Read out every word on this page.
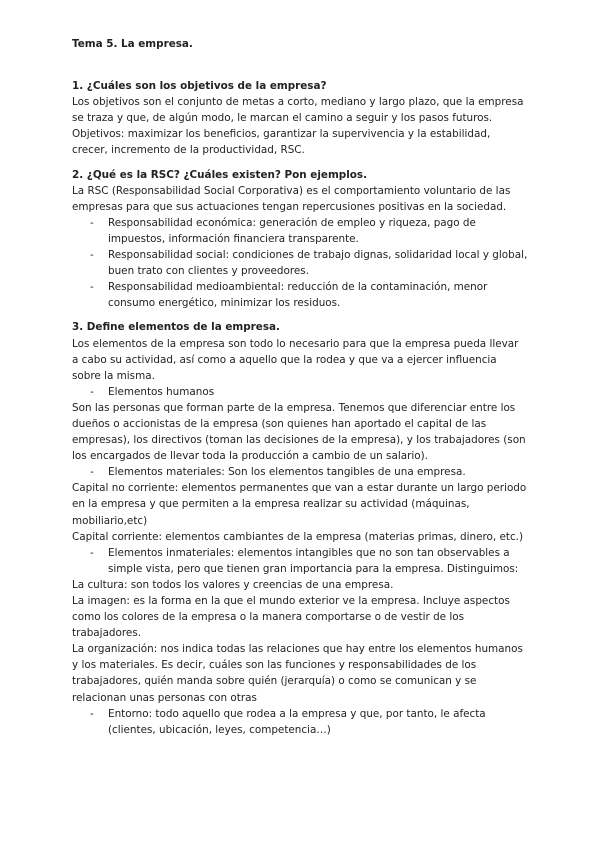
Tema 5. La empresa.

1. ¿Cuáles son los objetivos de la empresa?

Los objetivos son el conjunto de metas a corto, mediano y largo plazo, que la empresa se traza y que, de algún modo, le marcan el camino a seguir y los pasos futuros.

Objetivos: maximizar los beneficios, garantizar la supervivencia y la estabilidad, crecer, incremento de la productividad, RSC.

2. ¿Qué es la RSC? ¿Cuáles existen? Pon ejemplos.

La RSC (Responsabilidad Social Corporativa) es el comportamiento voluntario de las empresas para que sus actuaciones tengan repercusiones positivas en la sociedad.

- Responsabilidad económica: generación de empleo y riqueza, pago de impuestos, información financiera transparente.
- Responsabilidad social: condiciones de trabajo dignas, solidaridad local y global, buen trato con clientes y proveedores.
- Responsabilidad medioambiental: reducción de la contaminación, menor consumo energético, minimizar los residuos.

3. Define elementos de la empresa.

Los elementos de la empresa son todo lo necesario para que la empresa pueda llevar a cabo su actividad, así como a aquello que la rodea y que va a ejercer influencia sobre la misma.

- Elementos humanos

Son las personas que forman parte de la empresa. Tenemos que diferenciar entre los dueños o accionistas de la empresa (son quienes han aportado el capital de las empresas), los directivos (toman las decisiones de la empresa), y los trabajadores (son los encargados de llevar toda la producción a cambio de un salario).

- Elementos materiales: Son los elementos tangibles de una empresa.

Capital no corriente: elementos permanentes que van a estar durante un largo periodo en la empresa y que permiten a la empresa realizar su actividad (máquinas, mobiliario,etc)

Capital corriente: elementos cambiantes de la empresa (materias primas, dinero, etc.)

- Elementos inmateriales: elementos intangibles que no son tan observables a simple vista, pero que tienen gran importancia para la empresa. Distinguimos:

La cultura: son todos los valores y creencias de una empresa.

La imagen: es la forma en la que el mundo exterior ve la empresa. Incluye aspectos como los colores de la empresa o la manera comportarse o de vestir de los trabajadores.

La organización: nos indica todas las relaciones que hay entre los elementos humanos y los materiales. Es decir, cuáles son las funciones y responsabilidades de los trabajadores, quién manda sobre quién (jerarquía) o como se comunican y se relacionan unas personas con otras

- Entorno: todo aquello que rodea a la empresa y que, por tanto, le afecta (clientes, ubicación, leyes, competencia…)
